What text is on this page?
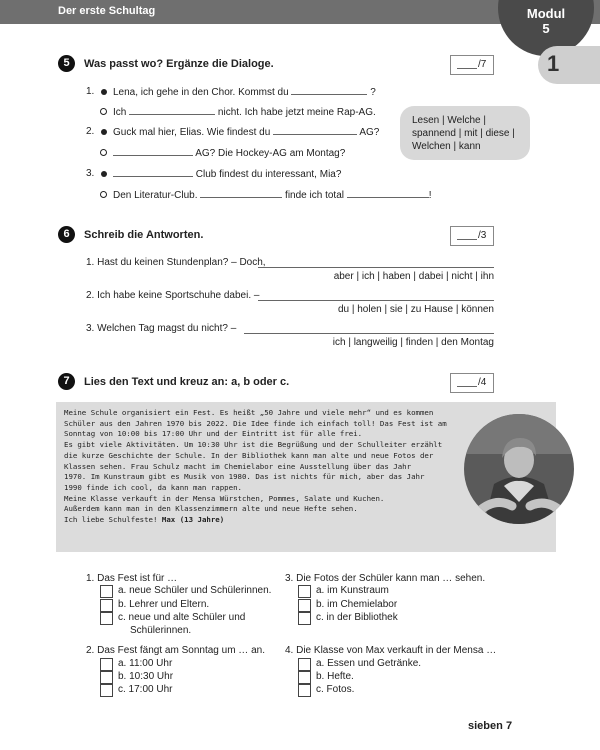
Der erste Schultag	Modul
5
1
5	Was passt wo? Ergänze die Dialoge.	/7
1. Lena, ich gehe in den Chor. Kommst du	?
Ich	nicht. Ich habe jetzt meine Rap-AG.
2. Guck mal hier, Elias. Wie findest du	AG?
AG? Die Hockey-AG am Montag?
3.	Club findest du interessant, Mia?
Den Literatur-Club.	finde ich total	!
Lesen | Welche |
spannend | mit | diese |
Welchen | kann
6	Schreib die Antworten.	/3
1. Hast du keinen Stundenplan? – Doch,
aber | ich | haben | dabei | nicht | ihn
2. Ich habe keine Sportschuhe dabei. –
du | holen | sie | zu Hause | können
3. Welchen Tag magst du nicht? –
ich | langweilig | finden | den Montag
7	Lies den Text und kreuz an: a, b oder c.	/4

Meine Schule organisiert ein Fest. Es heißt „50 Jahre und viele mehr“ und es kommen

Schüler aus den Jahren 1970 bis 2022. Die Idee finde ich einfach toll! Das Fest ist am

Sonntag von 10:00 bis 17:00 Uhr und der Eintritt ist für alle frei.

Es gibt viele Aktivitäten. Um 10:30 Uhr ist die Begrüßung und der Schulleiter erzählt

die kurze Geschichte der Schule. In der Bibliothek kann man alte und neue Fotos der

Klassen sehen. Frau Schulz macht im Chemielabor eine Ausstellung über das Jahr

1970. Im Kunstraum gibt es Musik von 1980. Das ist nichts für mich, aber das Jahr

1990 finde ich cool, da kann man rappen.

Meine Klasse verkauft in der Mensa Würstchen, Pommes, Salate und Kuchen.

Außerdem kann man in den Klassenzimmern alte und neue Hefte sehen.

Ich liebe Schulfeste! Max (13 Jahre)

1. Das Fest ist für …
a. neue Schüler und Schülerinnen.
b. Lehrer und Eltern.
c. neue und alte Schüler und
Schülerinnen.
2. Das Fest fängt am Sonntag um … an.
a. 11:00 Uhr
b. 10:30 Uhr
c. 17:00 Uhr
3. Die Fotos der Schüler kann man … sehen.
a. im Kunstraum
b. im Chemielabor
c. in der Bibliothek
4. Die Klasse von Max verkauft in der Mensa …
a. Essen und Getränke.
b. Hefte.
c. Fotos.
sieben 7
